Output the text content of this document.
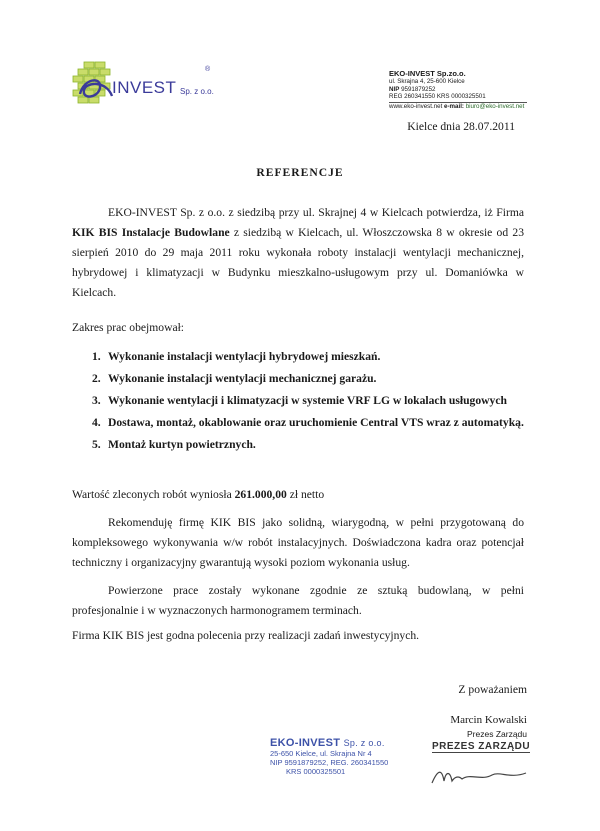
INVEST Sp. z o.o.
®	EKO-INVEST Sp.zo.o.
ul. Skrajna 4, 25-600 Kielce
NIP 9591879252
REG 260341550 KRS 0000325501
www.eko-invest.net e-mail: biuro@eko-invest.net
Kielce dnia 28.07.2011
REFERENCJE
EKO-INVEST Sp. z o.o. z siedzibą przy ul. Skrajnej 4 w Kielcach potwierdza, iż Firma KIK BIS Instalacje Budowlane z siedzibą w Kielcach, ul. Włoszczowska 8 w okresie od 23 sierpień 2010 do 29 maja 2011 roku wykonała roboty instalacji wentylacji mechanicznej, hybrydowej i klimatyzacji w Budynku mieszkalno-usługowym przy ul. Domaniówka w Kielcach.
Zakres prac obejmował:
1. Wykonanie instalacji wentylacji hybrydowej mieszkań.
2. Wykonanie instalacji wentylacji mechanicznej garażu.
3. Wykonanie wentylacji i klimatyzacji w systemie VRF LG w lokalach usługowych
4. Dostawa, montaż, okablowanie oraz uruchomienie Central VTS wraz z automatyką.
5. Montaż kurtyn powietrznych.
Wartość zleconych robót wyniosła 261.000,00 zł netto
Rekomenduję firmę KIK BIS jako solidną, wiarygodną, w pełni przygotowaną do kompleksowego wykonywania w/w robót instalacyjnych. Doświadczona kadra oraz potencjał techniczny i organizacyjny gwarantują wysoki poziom wykonania usług.
Powierzone prace zostały wykonane zgodnie ze sztuką budowlaną, w pełni profesjonalnie i w wyznaczonych harmonogramem terminach.
Firma KIK BIS jest godna polecenia przy realizacji zadań inwestycyjnych.
Z poważaniem
Marcin Kowalski
Prezes Zarządu
EKO-INVEST Sp. z o.o.
25-650 Kielce, ul. Skrajna Nr 4
NIP 9591879252, REG. 260341550
KRS 0000325501
PREZES ZARZĄDU
